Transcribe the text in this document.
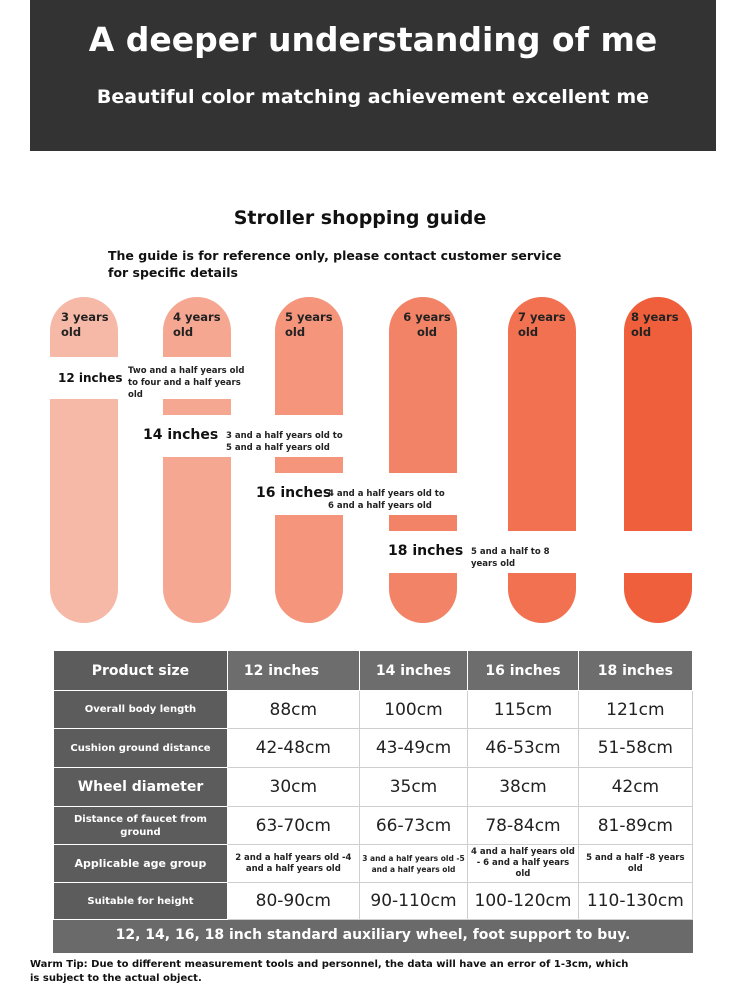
A deeper understanding of me
Beautiful color matching achievement excellent me
Stroller shopping guide
The guide is for reference only, please contact customer service for specific details
3 years old
4 years old
5 years old
6 years old
7 years old
8 years old
12 inches Two and a half years old to four and a half years old
14 inches 3 and a half years old to 5 and a half years old
16 inches
4 and a half years old to 6 and a half years old
18 inches 5 and a half to 8 years old
Product size	12 inches	14 inches	16 inches	18 inches
Overall body length	88cm	100cm	115cm	121cm
Cushion ground distance	42-48cm	43-49cm	46-53cm	51-58cm
Wheel diameter	30cm	35cm	38cm	42cm
Distance of faucet from ground	63-70cm	66-73cm	78-84cm	81-89cm
Applicable age group	2 and a half years old -4 and a half years old	3 and a half years old -5 and a half years old	4 and a half years old - 6 and a half years old	5 and a half -8 years old
Suitable for height	80-90cm	90-110cm	100-120cm	110-130cm
12, 14, 16, 18 inch standard auxiliary wheel, foot support to buy.
Warm Tip: Due to different measurement tools and personnel, the data will have an error of 1-3cm, which is subject to the actual object.
